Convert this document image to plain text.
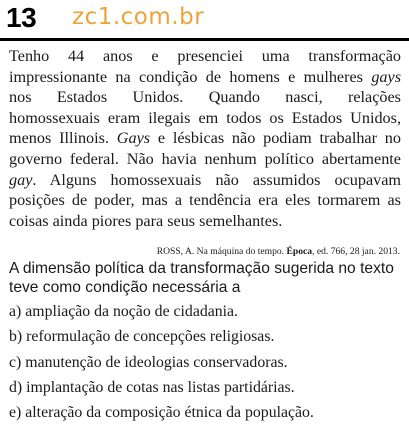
13 zc1.com.br
Tenho 44 anos e presenciei uma transformação
impressionante na condição de homens e mulheres gays
nos Estados Unidos. Quando nasci, relações
homossexuais eram ilegais em todos os Estados Unidos,
menos Illinois. Gays e lésbicas não podiam trabalhar no
governo federal. Não havia nenhum político abertamente
gay. Alguns homossexuais não assumidos ocupavam
posições de poder, mas a tendência era eles tormarem as
coisas ainda piores para seus semelhantes.
ROSS, A. Na máquina do tempo. Época, ed. 766, 28 jan. 2013.
A dimensão política da transformação sugerida no texto
teve como condição necessária a
a) ampliação da noção de cidadania.
b) reformulação de concepções religiosas.
c) manutenção de ideologias conservadoras.
d) implantação de cotas nas listas partidárias.
e) alteração da composição étnica da população.
